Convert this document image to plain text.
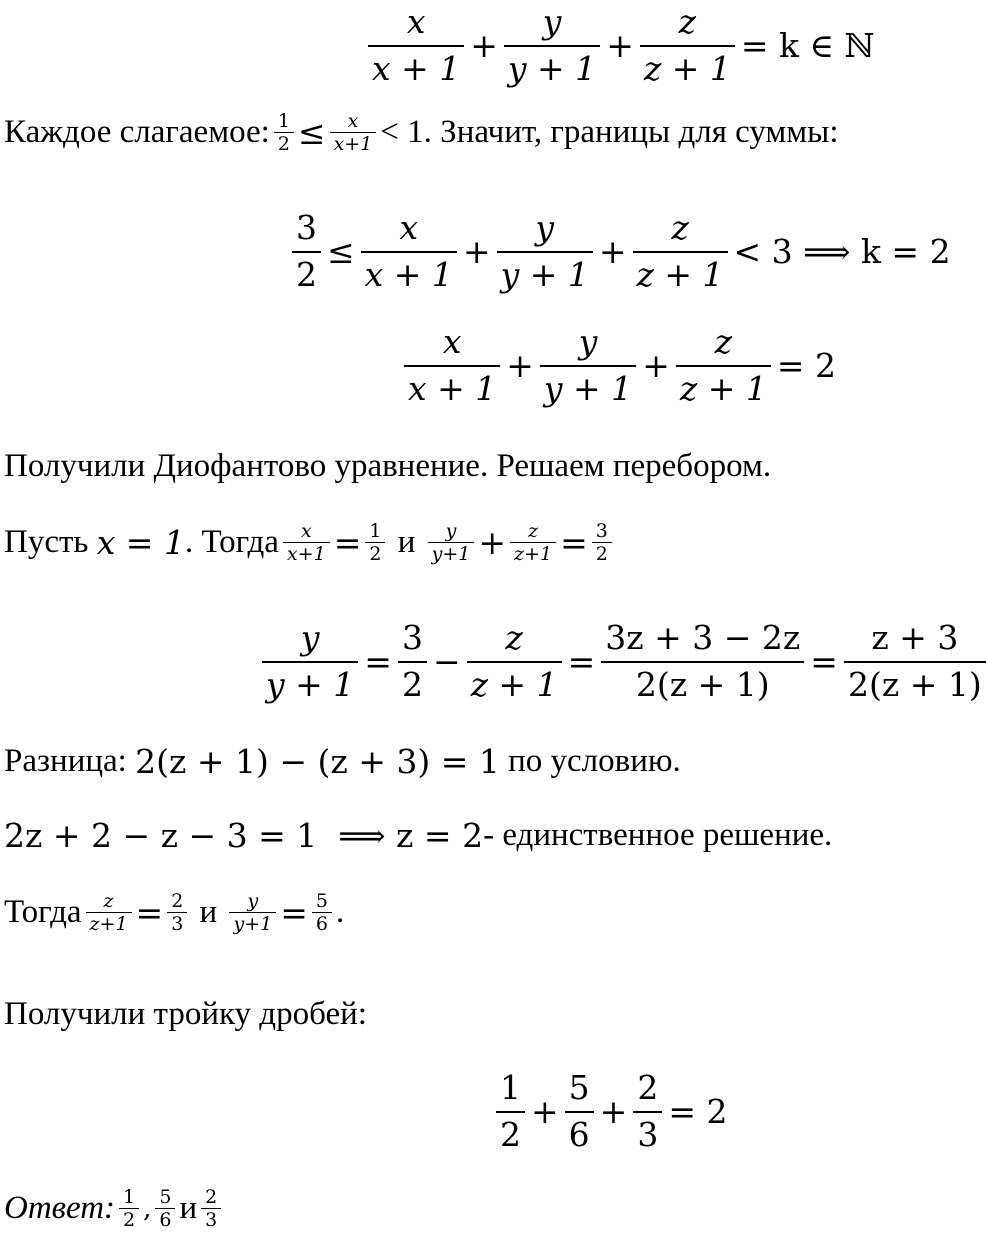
$\frac{x}{x + 1} + \frac{y}{y + 1} + \frac{z}{z + 1} = k$ ∈ ℕ
Каждое слагаемое: $\frac{1}{2} \le \frac{x}{x+1} < 1$. Значит, границы для суммы:
$\frac{3}{2} \le \frac{x}{x + 1} + \frac{y}{y + 1} + \frac{z}{z + 1} < 3$ ⟹ k = 2
$\frac{x}{x + 1} + \frac{y}{y + 1} + \frac{z}{z + 1} = 2$
Получили Диофантово уравнение. Решаем перебором.
Пусть
x = 1 . Тогда $\frac{x}{x+1} = \frac{1}{2}$
и
$\frac{y}{y+1} + \frac{z}{z+1} = \frac{3}{2}$
$\frac{y}{y + 1} = \frac{3}{2} - \frac{z}{z + 1} = \frac{3z + 3 - 2z}{2(z + 1)} = \frac{z + 3}{2(z + 1)}$
Разница:
2(z + 1) − (z + 3) = 1
по условию.
2z + 2 − z − 3 = 1  ⟹ z = 2 - единственное решение.
Тогда $\frac{z}{z+1} = \frac{2}{3}$
и
$\frac{y}{y+1} = \frac{5}{6}$ .
Получили тройку дробей:
$\frac{1}{2} + \frac{5}{6} + \frac{2}{3} = 2$
Ответ: $\frac{1}{2}$ , $\frac{5}{6}$ и $\frac{2}{3}$
